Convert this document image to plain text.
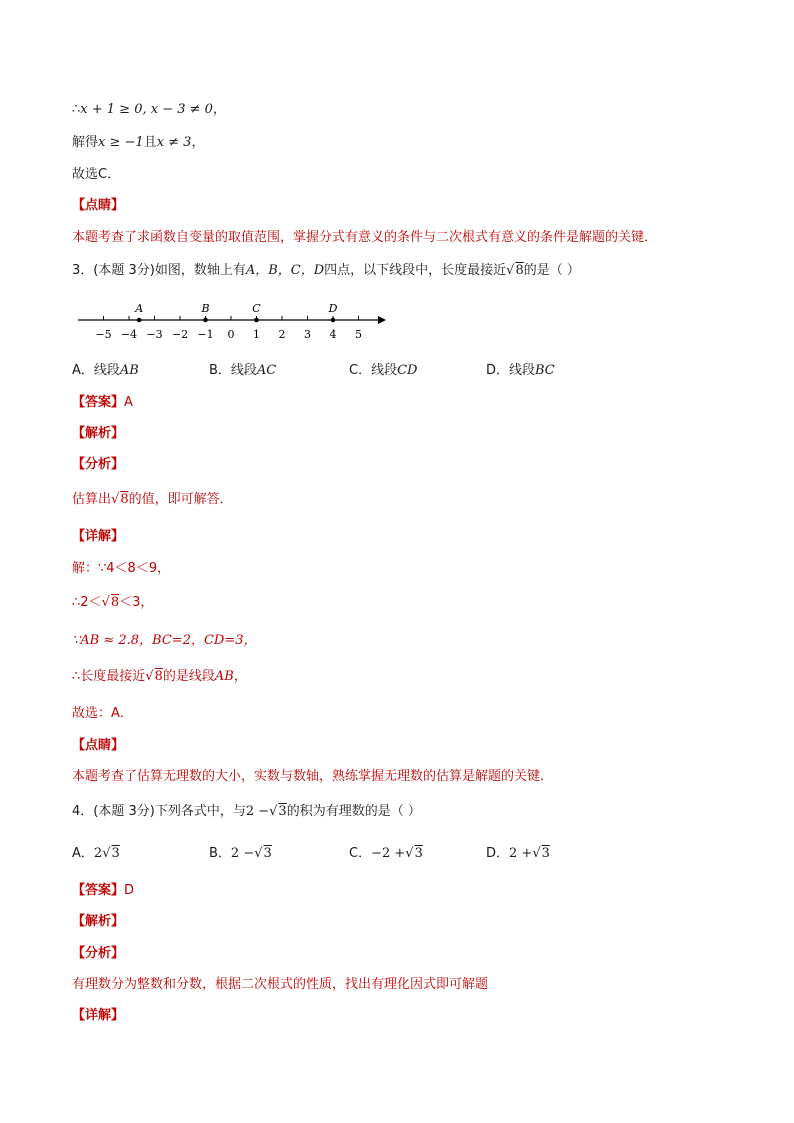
∴x + 1 ≥ 0, x − 3 ≠ 0，
解得x ≥ −1且x ≠ 3，
故选C．
【点睛】
本题考查了求函数自变量的取值范围，掌握分式有意义的条件与二次根式有意义的条件是解题的关键．
3．(本题 3分)如图，数轴上有A，B，C，D四点，以下线段中，长度最接近√8的是（ ）
−5 −4 −3 −2 −1 0 1 2 3 4 5
A	B	C	D
A．线段AB	B．线段AC	C．线段CD	D．线段BC
【答案】A
【解析】
【分析】
估算出√8的值，即可解答．
【详解】
解：∵4＜8＜9，
∴2＜√8＜3，
∵AB ≈ 2.8，BC=2，CD=3，
∴长度最接近√8的是线段AB，
故选：A．
【点睛】
本题考查了估算无理数的大小，实数与数轴，熟练掌握无理数的估算是解题的关键．
4．(本题 3分)下列各式中，与2 −√3的积为有理数的是（ ）
A．2√3	B．2 −√3	C．−2 +√3	D．2 +√3
【答案】D
【解析】
【分析】
有理数分为整数和分数，根据二次根式的性质，找出有理化因式即可解题
【详解】
